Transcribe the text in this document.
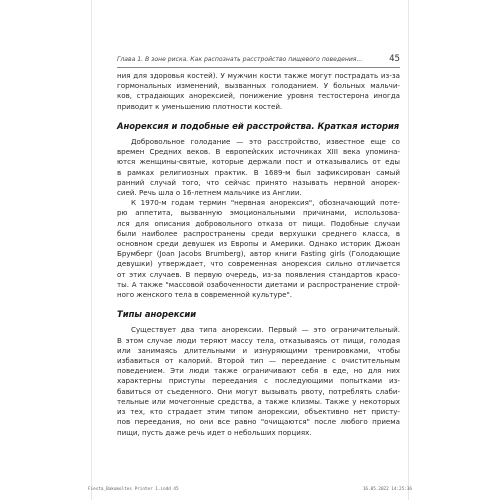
Глава 1. В зоне риска. Как распознать расстройство пищевого поведения...	45
ния для здоровья костей). У мужчин кости также могут пострадать из-за
гормональных изменений, вызванных голоданием. У больных мальчи-
ков, страдающих анорексией, понижение уровня тестостерона иногда
приводит к уменьшению плотности костей.
Анорексия и подобные ей расстройства. Краткая история
Добровольное голодание — это расстройство, известное еще со
времен Средних веков. В европейских источниках XIII века упомина-
ются женщины-святые, которые держали пост и отказывались от еды
в рамках религиозных практик. В 1689-м был зафиксирован самый
ранний случай того, что сейчас принято называть нервной анорек-
сией. Речь шла о 16-летнем мальчике из Англии.
К 1970-м годам термин "нервная анорексия", обозначающий поте-
рю аппетита, вызванную эмоциональными причинами, использова-
лся для описания добровольного отказа от пищи. Подобные случаи
были наиболее распространены среди верхушки среднего класса, в
основном среди девушек из Европы и Америки. Однако историк Джоан
Брумберг (Joan Jacobs Brumberg), автор книги Fasting girls (Голодающие
девушки) утверждает, что современная анорексия сильно отличается
от этих случаев. В первую очередь, из-за появления стандартов красо-
ты. А также "массовой озабоченности диетами и распространение строй-
ного женского тела в современной культуре".
Типы анорексии
Существует два типа анорексии. Первый — это ограничительный.
В этом случае люди теряют массу тела, отказываясь от пищи, голодая
или занимаясь длительными и изнуряющими тренировками, чтобы
избавиться от калорий. Второй тип — переедание с очистительным
поведением. Эти люди также ограничивают себя в еде, но для них
характерны приступы переедания с последующими попытками из-
бавиться от съеденного. Они могут вызывать рвоту, потреблять слаби-
тельные или мочегонные средства, а также клизмы. Также у некоторых
из тех, кто страдает этим типом анорексии, объективно нет присту-
пов переедания, но они все равно "очищаются" после любого приема
пищи, пусть даже речь идет о небольших порциях.
Fiesta_Bakomoltes Printer 1.indd 45	16.05.2022 14:25:36
